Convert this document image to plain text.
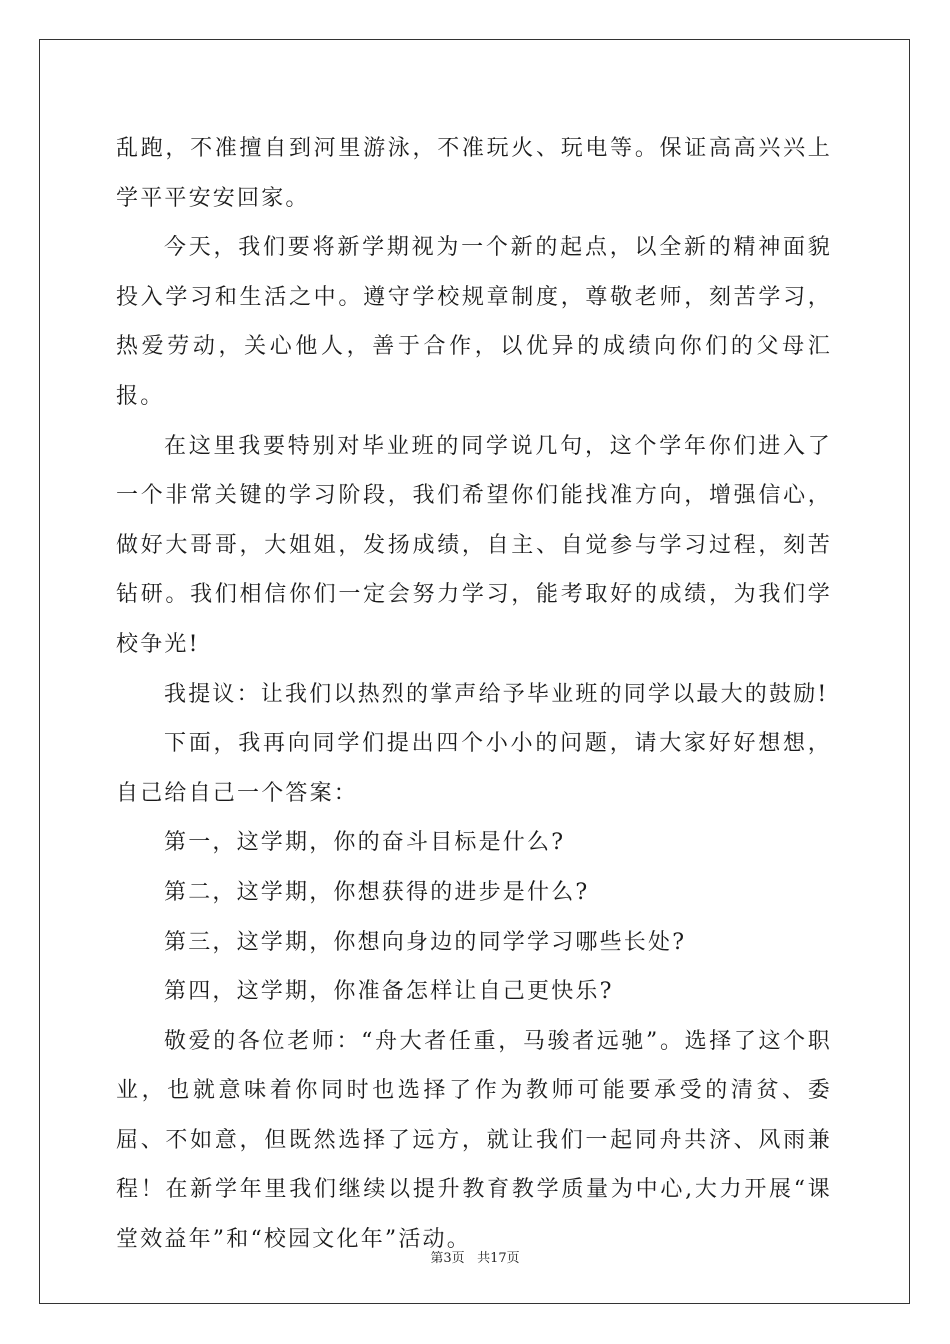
乱跑，不准擅自到河里游泳，不准玩火、玩电等。保证高高兴兴上学平平安安回家。

今天，我们要将新学期视为一个新的起点，以全新的精神面貌投入学习和生活之中。遵守学校规章制度，尊敬老师，刻苦学习，热爱劳动，关心他人，善于合作，以优异的成绩向你们的父母汇报。

在这里我要特别对毕业班的同学说几句，这个学年你们进入了一个非常关键的学习阶段，我们希望你们能找准方向，增强信心，做好大哥哥，大姐姐，发扬成绩，自主、自觉参与学习过程，刻苦钻研。我们相信你们一定会努力学习，能考取好的成绩，为我们学校争光!

我提议：让我们以热烈的掌声给予毕业班的同学以最大的鼓励!

下面，我再向同学们提出四个小小的问题，请大家好好想想，自己给自己一个答案：

第一，这学期，你的奋斗目标是什么?

第二，这学期，你想获得的进步是什么?

第三，这学期，你想向身边的同学学习哪些长处?

第四，这学期，你准备怎样让自己更快乐?

敬爱的各位老师：“舟大者任重，马骏者远驰”。选择了这个职业，也就意味着你同时也选择了作为教师可能要承受的清贫、委屈、不如意，但既然选择了远方，就让我们一起同舟共济、风雨兼程！在新学年里我们继续以提升教育教学质量为中心,大力开展“课堂效益年”和“校园文化年”活动。

第3页 共17页
